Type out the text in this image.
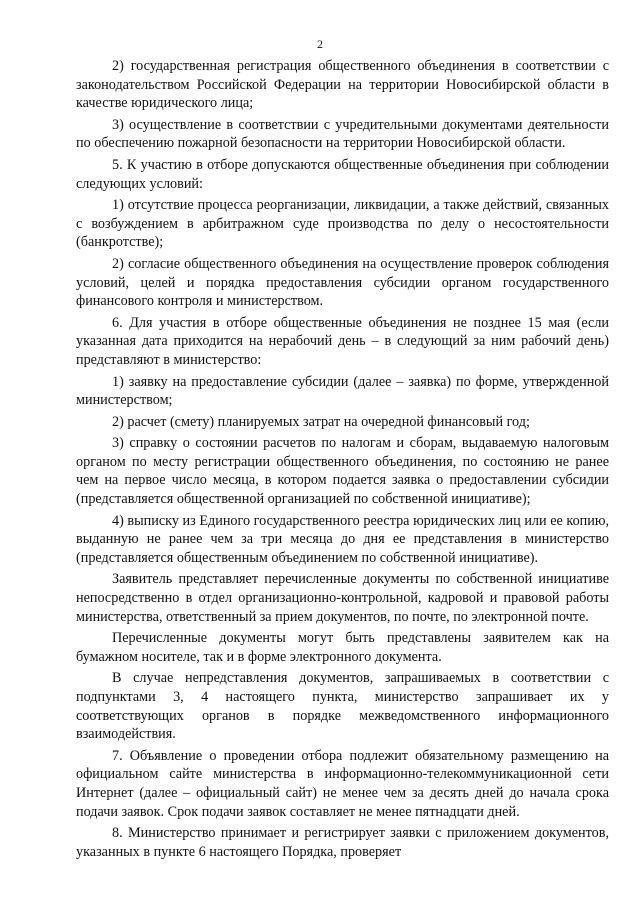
2

2) государственная регистрация общественного объединения в соответствии с законодательством Российской Федерации на территории Новосибирской области в качестве юридического лица;

3) осуществление в соответствии с учредительными документами деятельности по обеспечению пожарной безопасности на территории Новосибирской области.

5. К участию в отборе допускаются общественные объединения при соблюдении следующих условий:

1) отсутствие процесса реорганизации, ликвидации, а также действий, связанных с возбуждением в арбитражном суде производства по делу о несостоятельности (банкротстве);

2) согласие общественного объединения на осуществление проверок соблюдения условий, целей и порядка предоставления субсидии органом государственного финансового контроля и министерством.

6. Для участия в отборе общественные объединения не позднее 15 мая (если указанная дата приходится на нерабочий день – в следующий за ним рабочий день) представляют в министерство:

1) заявку на предоставление субсидии (далее – заявка) по форме, утвержденной министерством;

2) расчет (смету) планируемых затрат на очередной финансовый год;

3) справку о состоянии расчетов по налогам и сборам, выдаваемую налоговым органом по месту регистрации общественного объединения, по состоянию не ранее чем на первое число месяца, в котором подается заявка о предоставлении субсидии (представляется общественной организацией по собственной инициативе);

4) выписку из Единого государственного реестра юридических лиц или ее копию, выданную не ранее чем за три месяца до дня ее представления в министерство (представляется общественным объединением по собственной инициативе).

Заявитель представляет перечисленные документы по собственной инициативе непосредственно в отдел организационно-контрольной, кадровой и правовой работы министерства, ответственный за прием документов, по почте, по электронной почте.

Перечисленные документы могут быть представлены заявителем как на бумажном носителе, так и в форме электронного документа.

В случае непредставления документов, запрашиваемых в соответствии с подпунктами 3, 4 настоящего пункта, министерство запрашивает их у соответствующих органов в порядке межведомственного информационного взаимодействия.

7. Объявление о проведении отбора подлежит обязательному размещению на официальном сайте министерства в информационно-телекоммуникационной сети Интернет (далее – официальный сайт) не менее чем за десять дней до начала срока подачи заявок. Срок подачи заявок составляет не менее пятнадцати дней.

8. Министерство принимает и регистрирует заявки с приложением документов, указанных в пункте 6 настоящего Порядка, проверяет
